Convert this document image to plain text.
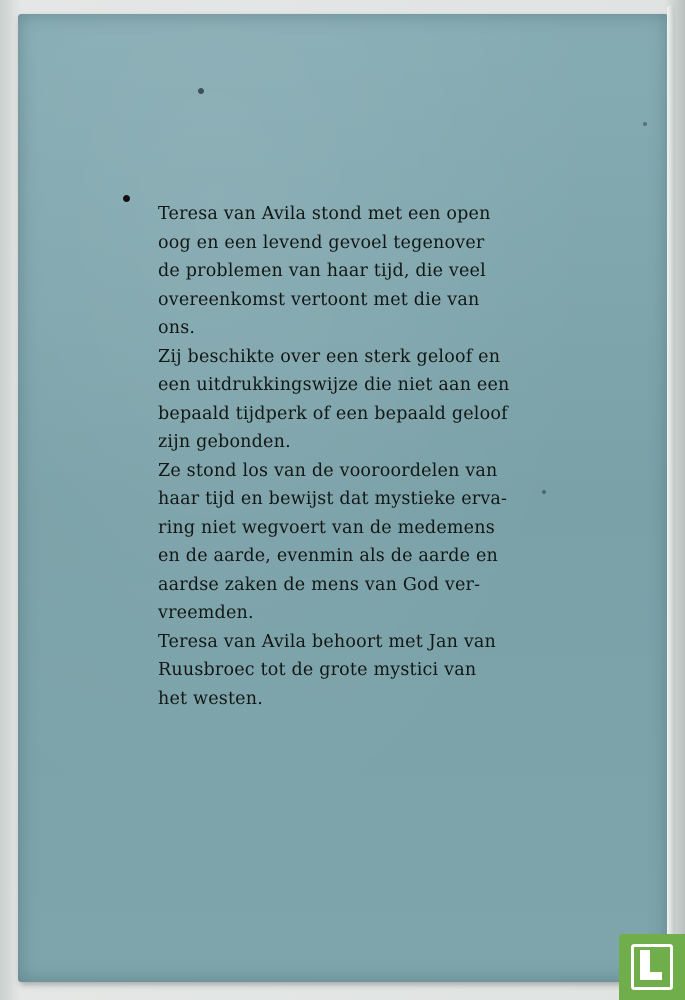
Teresa van Avila stond met een open
oog en een levend gevoel tegenover
de problemen van haar tijd, die veel
overeenkomst vertoont met die van
ons.
Zij beschikte over een sterk geloof en
een uitdrukkingswijze die niet aan een
bepaald tijdperk of een bepaald geloof
zijn gebonden.
Ze stond los van de vooroordelen van
haar tijd en bewijst dat mystieke erva-
ring niet wegvoert van de medemens
en de aarde, evenmin als de aarde en
aardse zaken de mens van God ver-
vreemden.
Teresa van Avila behoort met Jan van
Ruusbroec tot de grote mystici van
het westen.
